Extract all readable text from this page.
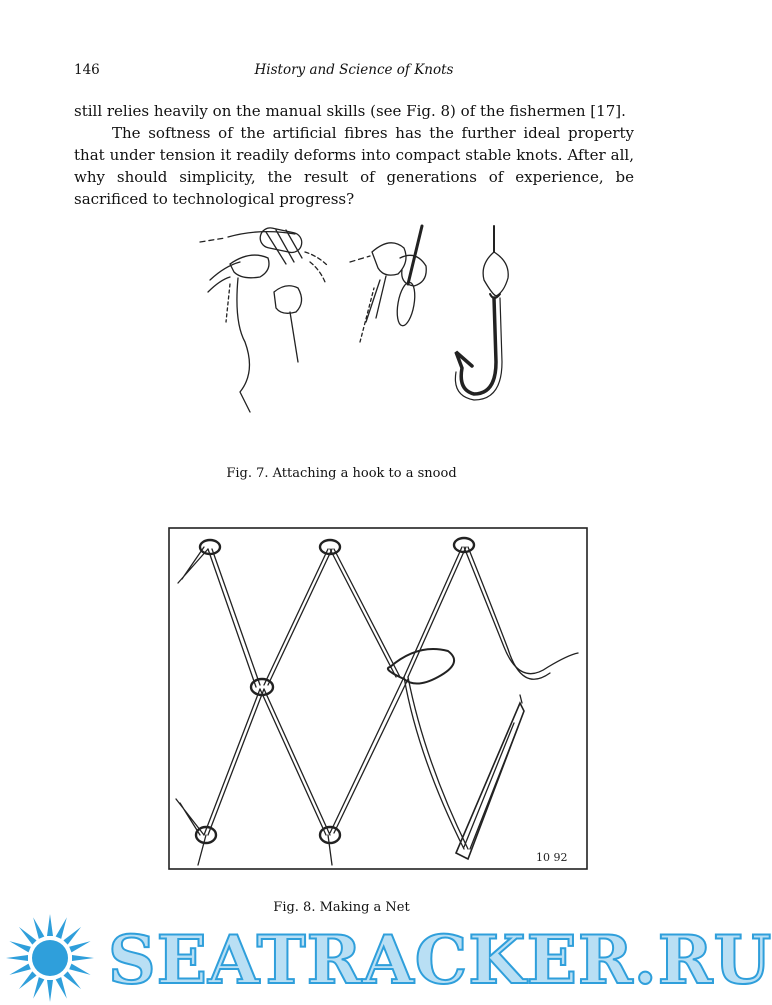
146	History and Science of Knots

still relies heavily on the manual skills (see Fig. 8) of the fishermen [17].

The softness of the artificial fibres has the further ideal property that under tension it readily deforms into compact stable knots. After all, why should simplicity, the result of generations of experience, be sacrificed to technological progress?

Fig. 7. Attaching a hook to a snood
10 92
Fig. 8. Making a Net
SEATRACKER.RU
